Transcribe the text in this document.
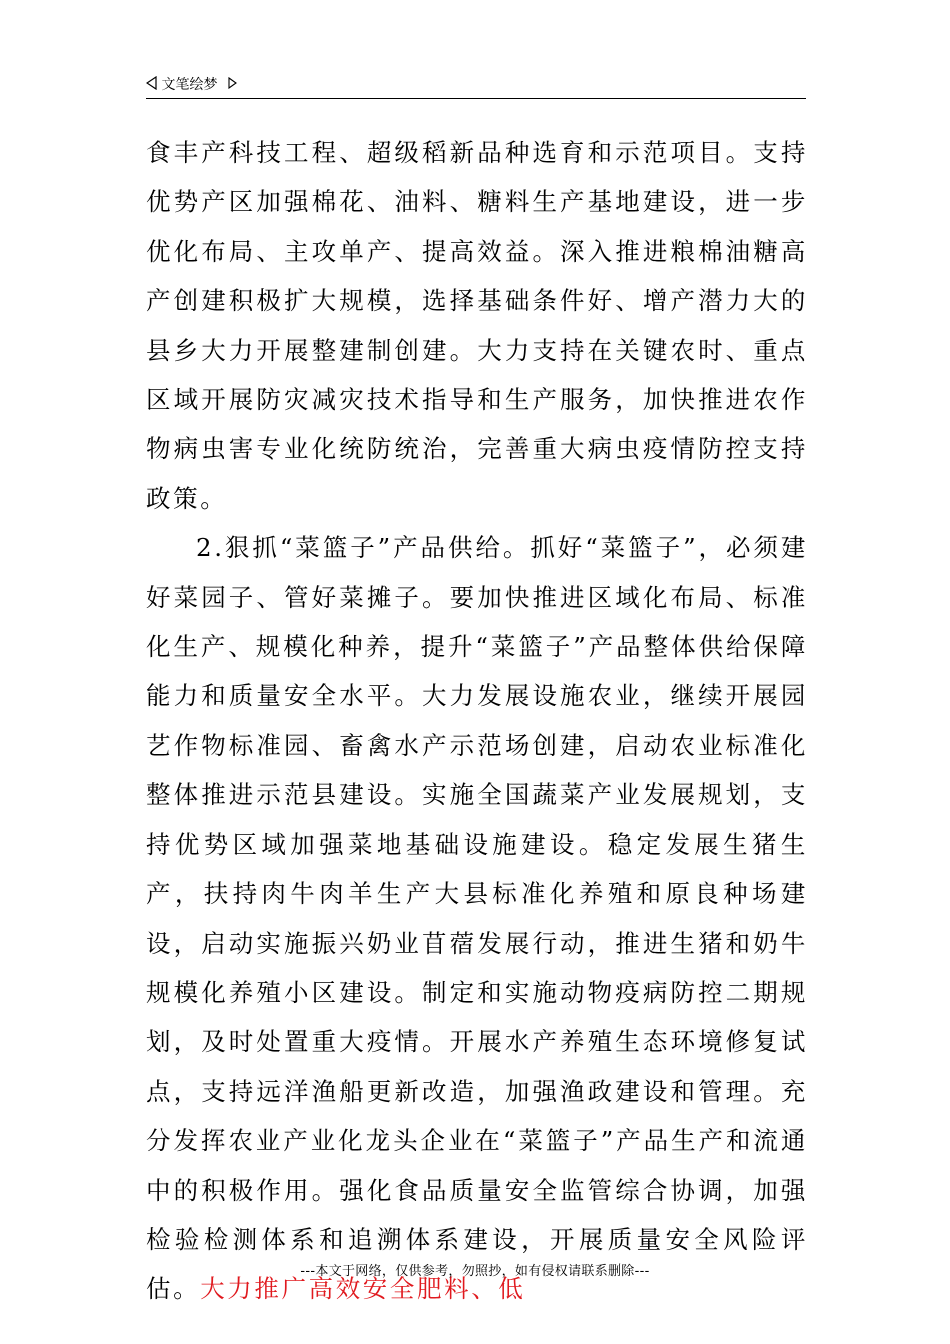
文笔绘梦

食丰产科技工程、超级稻新品种选育和示范项目。支持优势产区加强棉花、油料、糖料生产基地建设，进一步优化布局、主攻单产、提高效益。深入推进粮棉油糖高产创建积极扩大规模，选择基础条件好、增产潜力大的县乡大力开展整建制创建。大力支持在关键农时、重点区域开展防灾减灾技术指导和生产服务，加快推进农作物病虫害专业化统防统治，完善重大病虫疫情防控支持政策。

2.狠抓“菜篮子”产品供给。抓好“菜篮子”，必须建好菜园子、管好菜摊子。要加快推进区域化布局、标准化生产、规模化种养，提升“菜篮子”产品整体供给保障能力和质量安全水平。大力发展设施农业，继续开展园艺作物标准园、畜禽水产示范场创建，启动农业标准化整体推进示范县建设。实施全国蔬菜产业发展规划，支持优势区域加强菜地基础设施建设。稳定发展生猪生产，扶持肉牛肉羊生产大县标准化养殖和原良种场建设，启动实施振兴奶业苜蓿发展行动，推进生猪和奶牛规模化养殖小区建设。制定和实施动物疫病防控二期规划，及时处置重大疫情。开展水产养殖生态环境修复试点，支持远洋渔船更新改造，加强渔政建设和管理。充分发挥农业产业化龙头企业在“菜篮子”产品生产和流通中的积极作用。强化食品质量安全监管综合协调，加强检验检测体系和追溯体系建设，开展质量安全风险评估。大力推广高效安全肥料、低

---本文于网络，仅供参考，勿照抄，如有侵权请联系删除---
